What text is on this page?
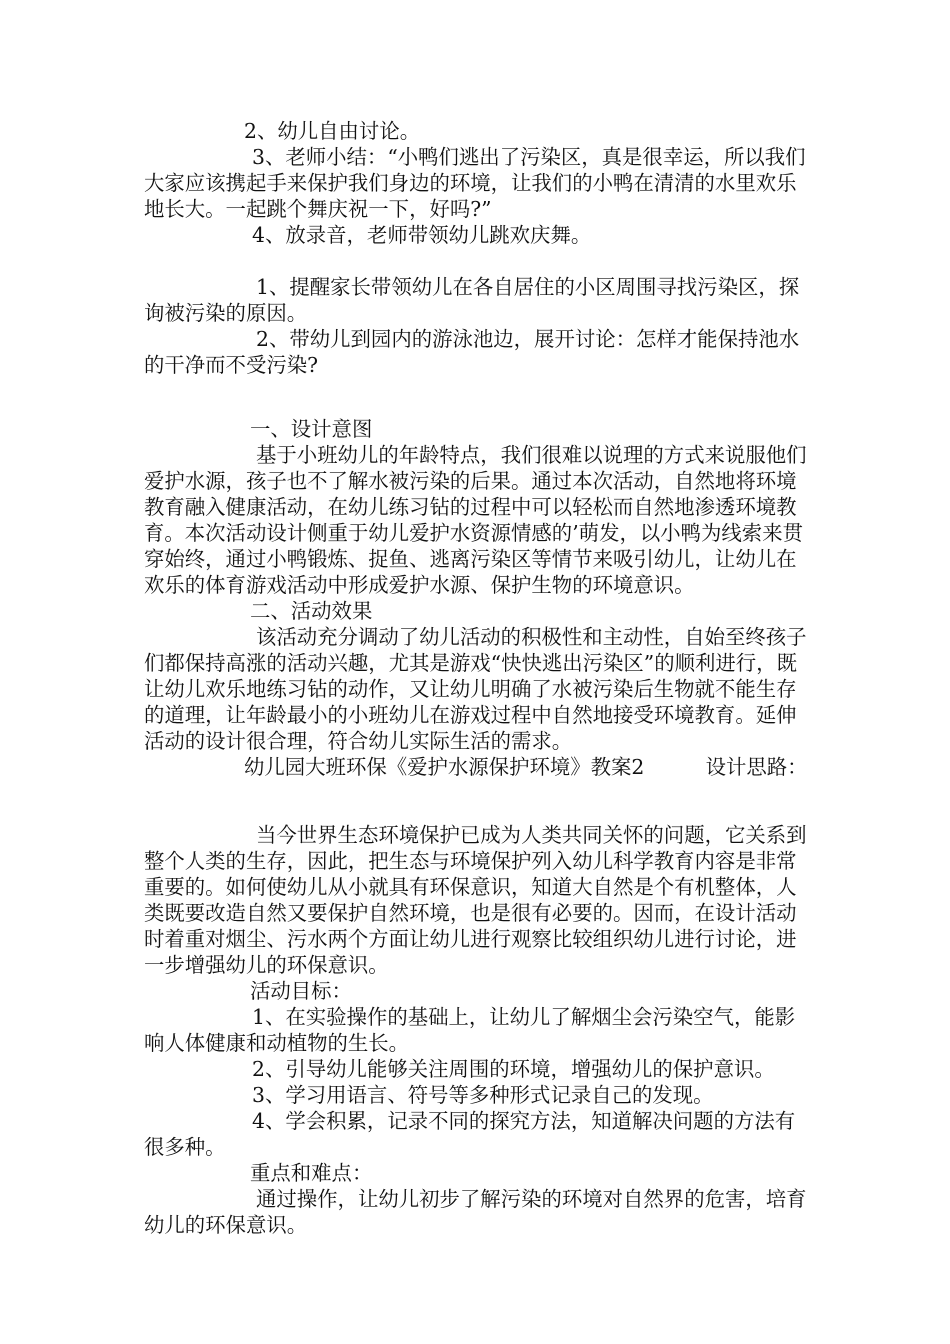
2、幼儿自由讨论。

3、老师小结：“小鸭们逃出了污染区，真是很幸运，所以我们大家应该携起手来保护我们身边的环境，让我们的小鸭在清清的水里欢乐地长大。一起跳个舞庆祝一下，好吗?”

4、放录音，老师带领幼儿跳欢庆舞。

1、提醒家长带领幼儿在各自居住的小区周围寻找污染区，探询被污染的原因。

2、带幼儿到园内的游泳池边，展开讨论：怎样才能保持池水的干净而不受污染?

一、设计意图

基于小班幼儿的年龄特点，我们很难以说理的方式来说服他们爱护水源，孩子也不了解水被污染的后果。通过本次活动，自然地将环境教育融入健康活动，在幼儿练习钻的过程中可以轻松而自然地渗透环境教育。本次活动设计侧重于幼儿爱护水资源情感的’萌发，以小鸭为线索来贯穿始终，通过小鸭锻炼、捉鱼、逃离污染区等情节来吸引幼儿，让幼儿在欢乐的体育游戏活动中形成爱护水源、保护生物的环境意识。

二、活动效果

该活动充分调动了幼儿活动的积极性和主动性，自始至终孩子们都保持高涨的活动兴趣，尤其是游戏“快快逃出污染区”的顺利进行，既让幼儿欢乐地练习钻的动作，又让幼儿明确了水被污染后生物就不能生存的道理，让年龄最小的小班幼儿在游戏过程中自然地接受环境教育。延伸活动的设计很合理，符合幼儿实际生活的需求。

幼儿园大班环保《爱护水源保护环境》教案2　　　设计思路：

当今世界生态环境保护已成为人类共同关怀的问题，它关系到整个人类的生存，因此，把生态与环境保护列入幼儿科学教育内容是非常重要的。如何使幼儿从小就具有环保意识，知道大自然是个有机整体，人类既要改造自然又要保护自然环境，也是很有必要的。因而，在设计活动时着重对烟尘、污水两个方面让幼儿进行观察比较组织幼儿进行讨论，进一步增强幼儿的环保意识。

活动目标：

1、在实验操作的基础上，让幼儿了解烟尘会污染空气，能影响人体健康和动植物的生长。

2、引导幼儿能够关注周围的环境，增强幼儿的保护意识。

3、学习用语言、符号等多种形式记录自己的发现。

4、学会积累，记录不同的探究方法，知道解决问题的方法有很多种。

重点和难点：

通过操作，让幼儿初步了解污染的环境对自然界的危害，培育幼儿的环保意识。
